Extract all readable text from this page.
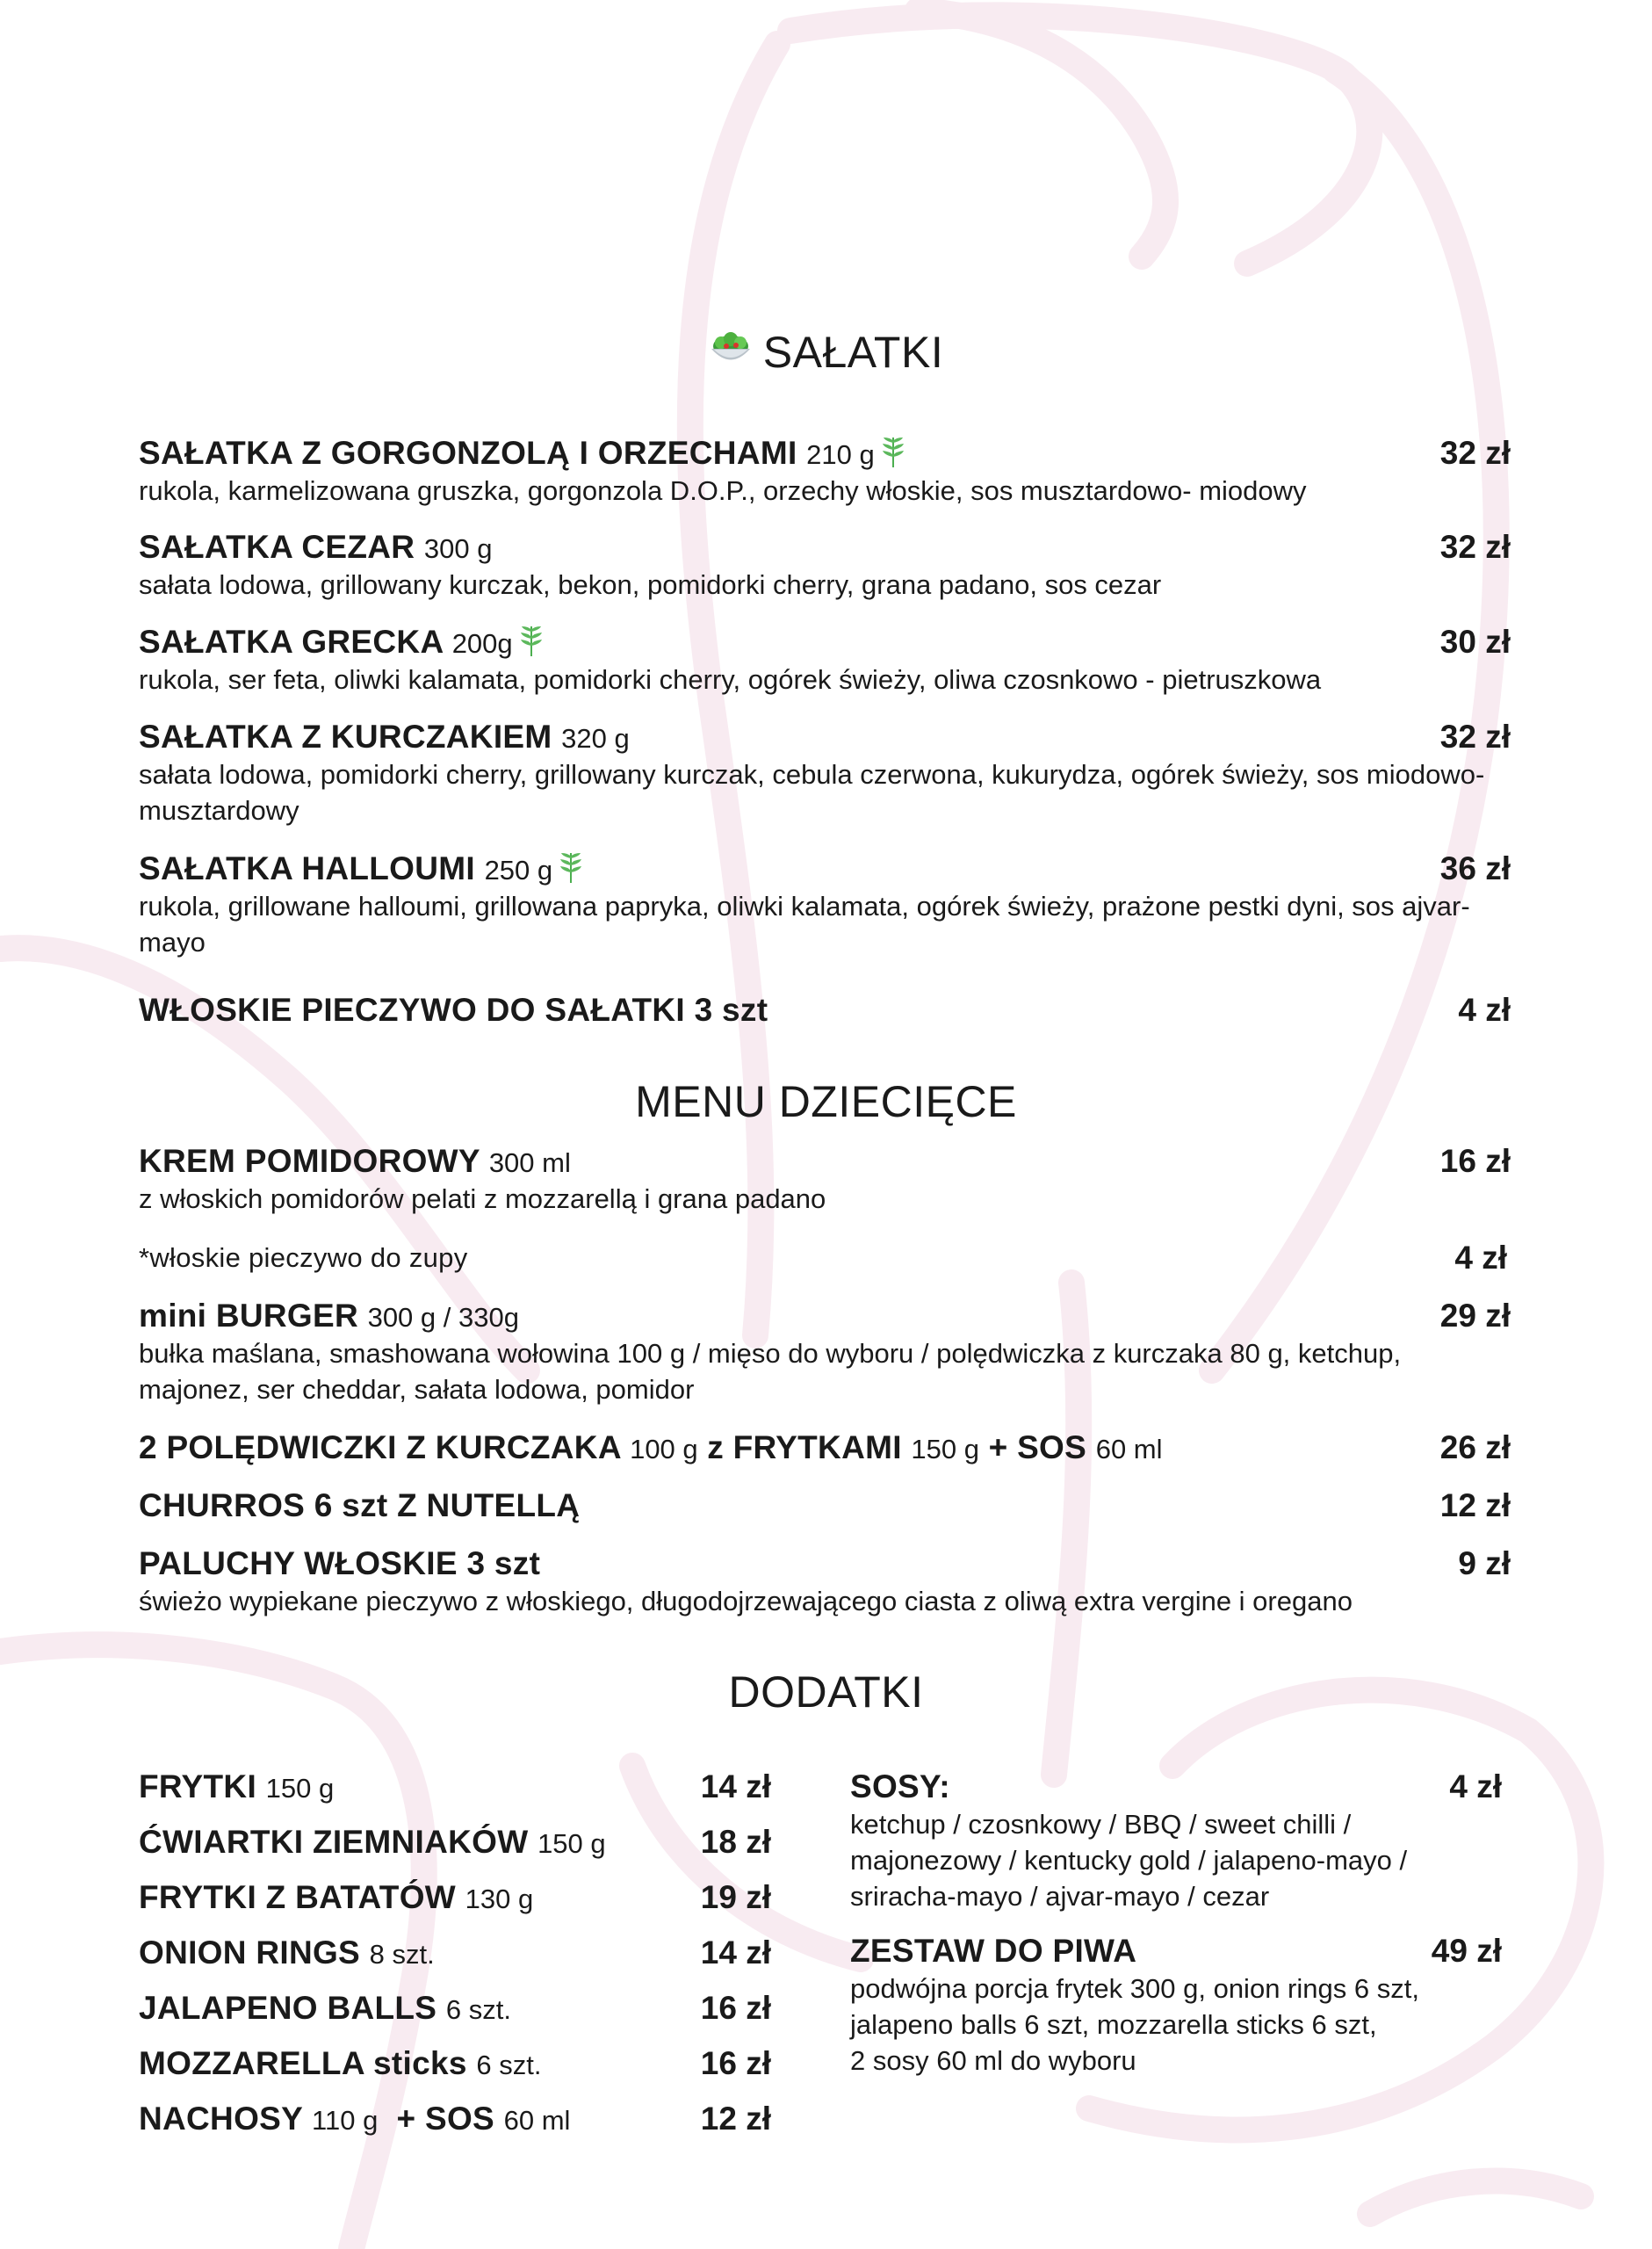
SAŁATKI
SAŁATKA Z GORGONZOLĄ I ORZECHAMI 210 g	32 zł
rukola, karmelizowana gruszka, gorgonzola D.O.P., orzechy włoskie, sos musztardowo- miodowy
SAŁATKA CEZAR 300 g	32 zł
sałata lodowa, grillowany kurczak, bekon, pomidorki cherry, grana padano, sos cezar
SAŁATKA GRECKA 200g	30 zł
rukola, ser feta, oliwki kalamata, pomidorki cherry, ogórek świeży, oliwa czosnkowo - pietruszkowa
SAŁATKA Z KURCZAKIEM 320 g	32 zł
sałata lodowa, pomidorki cherry, grillowany kurczak, cebula czerwona, kukurydza, ogórek świeży, sos miodowo-musztardowy
SAŁATKA HALLOUMI 250 g	36 zł
rukola, grillowane halloumi, grillowana papryka, oliwki kalamata, ogórek świeży, prażone pestki dyni, sos ajvar-mayo
WŁOSKIE PIECZYWO DO SAŁATKI 3 szt	4 zł
MENU DZIECIĘCE
KREM POMIDOROWY 300 ml	16 zł
z włoskich pomidorów pelati z mozzarellą i grana padano
*włoskie pieczywo do zupy	4 zł
mini BURGER 300 g / 330g	29 zł
bułka maślana, smashowana wołowina 100 g / mięso do wyboru / polędwiczka z kurczaka 80 g, ketchup, majonez, ser cheddar, sałata lodowa, pomidor
2 POLĘDWICZKI Z KURCZAKA 100 g z FRYTKAMI 150 g + SOS 60 ml	26 zł
CHURROS 6 szt Z NUTELLĄ	12 zł
PALUCHY WŁOSKIE 3 szt	9 zł
świeżo wypiekane pieczywo z włoskiego, długodojrzewającego ciasta z oliwą extra vergine i oregano
DODATKI
FRYTKI 150 g	14 zł
ĆWIARTKI ZIEMNIAKÓW 150 g	18 zł
FRYTKI Z BATATÓW 130 g	19 zł
ONION RINGS 8 szt.	14 zł
JALAPENO BALLS 6 szt.	16 zł
MOZZARELLA sticks 6 szt.	16 zł
NACHOSY 110 g + SOS 60 ml	12 zł
SOSY:	4 zł
ketchup / czosnkowy / BBQ / sweet chilli /
majonezowy / kentucky gold / jalapeno-mayo /
sriracha-mayo / ajvar-mayo / cezar
ZESTAW DO PIWA	49 zł
podwójna porcja frytek 300 g, onion rings 6 szt,
jalapeno balls 6 szt, mozzarella sticks 6 szt,
2 sosy 60 ml do wyboru
